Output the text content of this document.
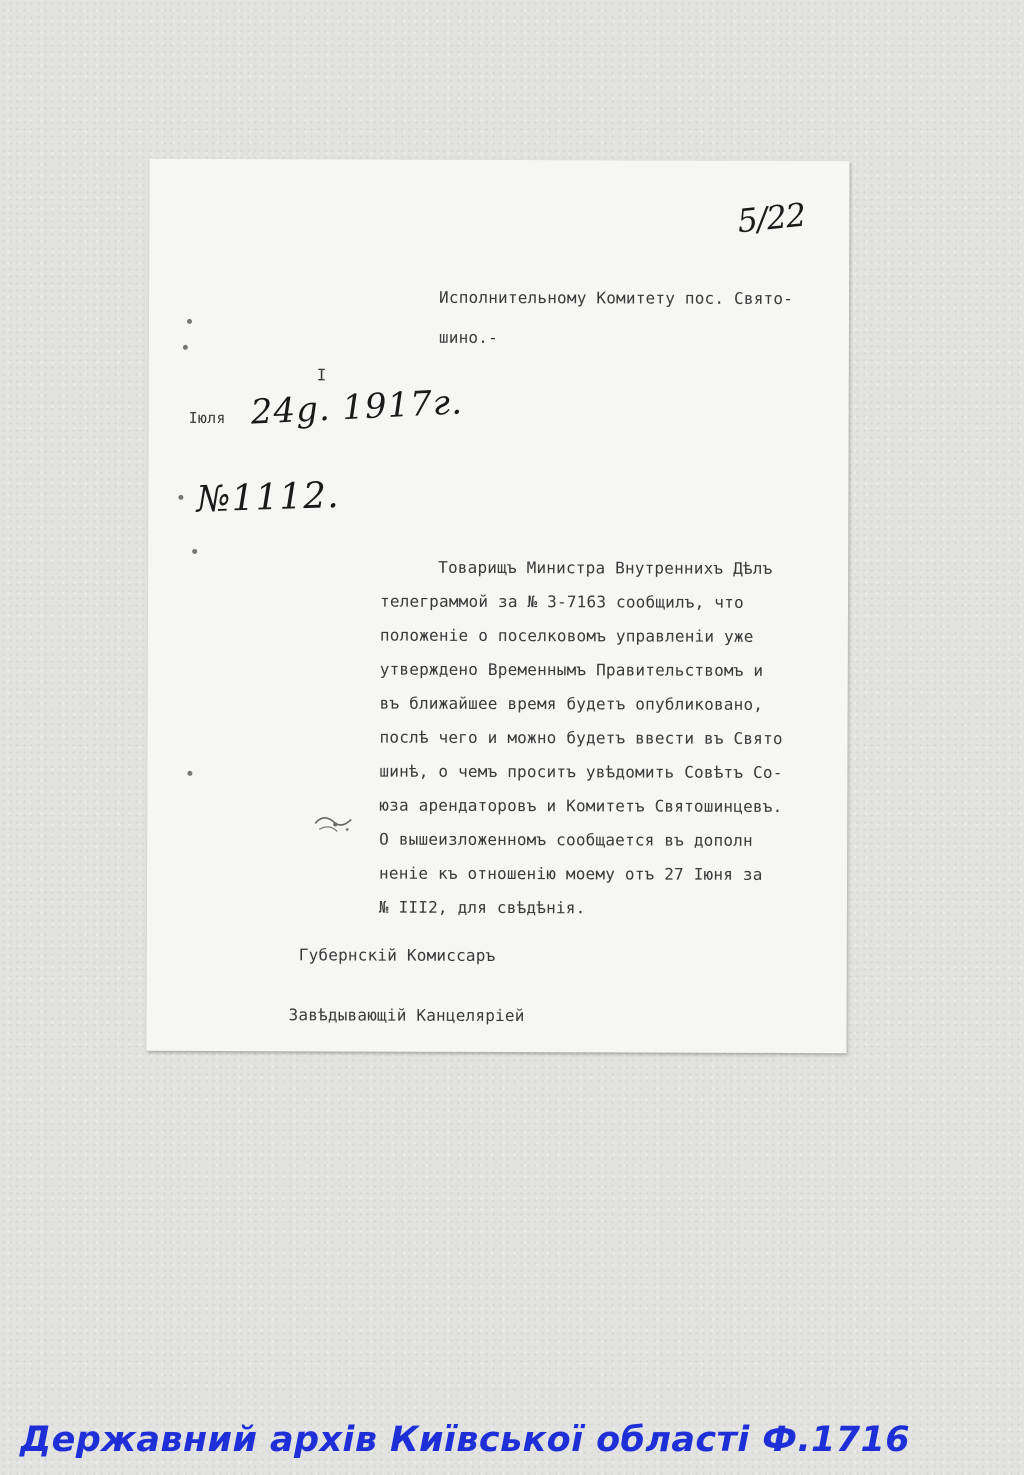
5/22
Исполнительному Комитету пос. Свято-
шино.-
I
Iюля 24g. 1917г.
№1112.
Товарищъ Министра Внутреннихъ Дѣлъ
телеграммой за № 3-7163 сообщилъ, что
положенiе о поселковомъ управленiи уже
утверждено Временнымъ Правительствомъ и
въ ближайшее время будетъ опубликовано,
послѣ чего и можно будетъ ввести въ Свято
шинѣ, о чемъ проситъ увѣдомить Совѣтъ Со-
юза арендаторовъ и Комитетъ Святошинцевъ.
О вышеизложенномъ сообщается въ дополн
ненiе къ отношенiю моему отъ 27 Iюня за
№ III2, для свѣдѣнiя.
Губернскiй Комиссаръ
Завѣдывающiй Канцелярiей
Державний архів Київської області Ф.1716
